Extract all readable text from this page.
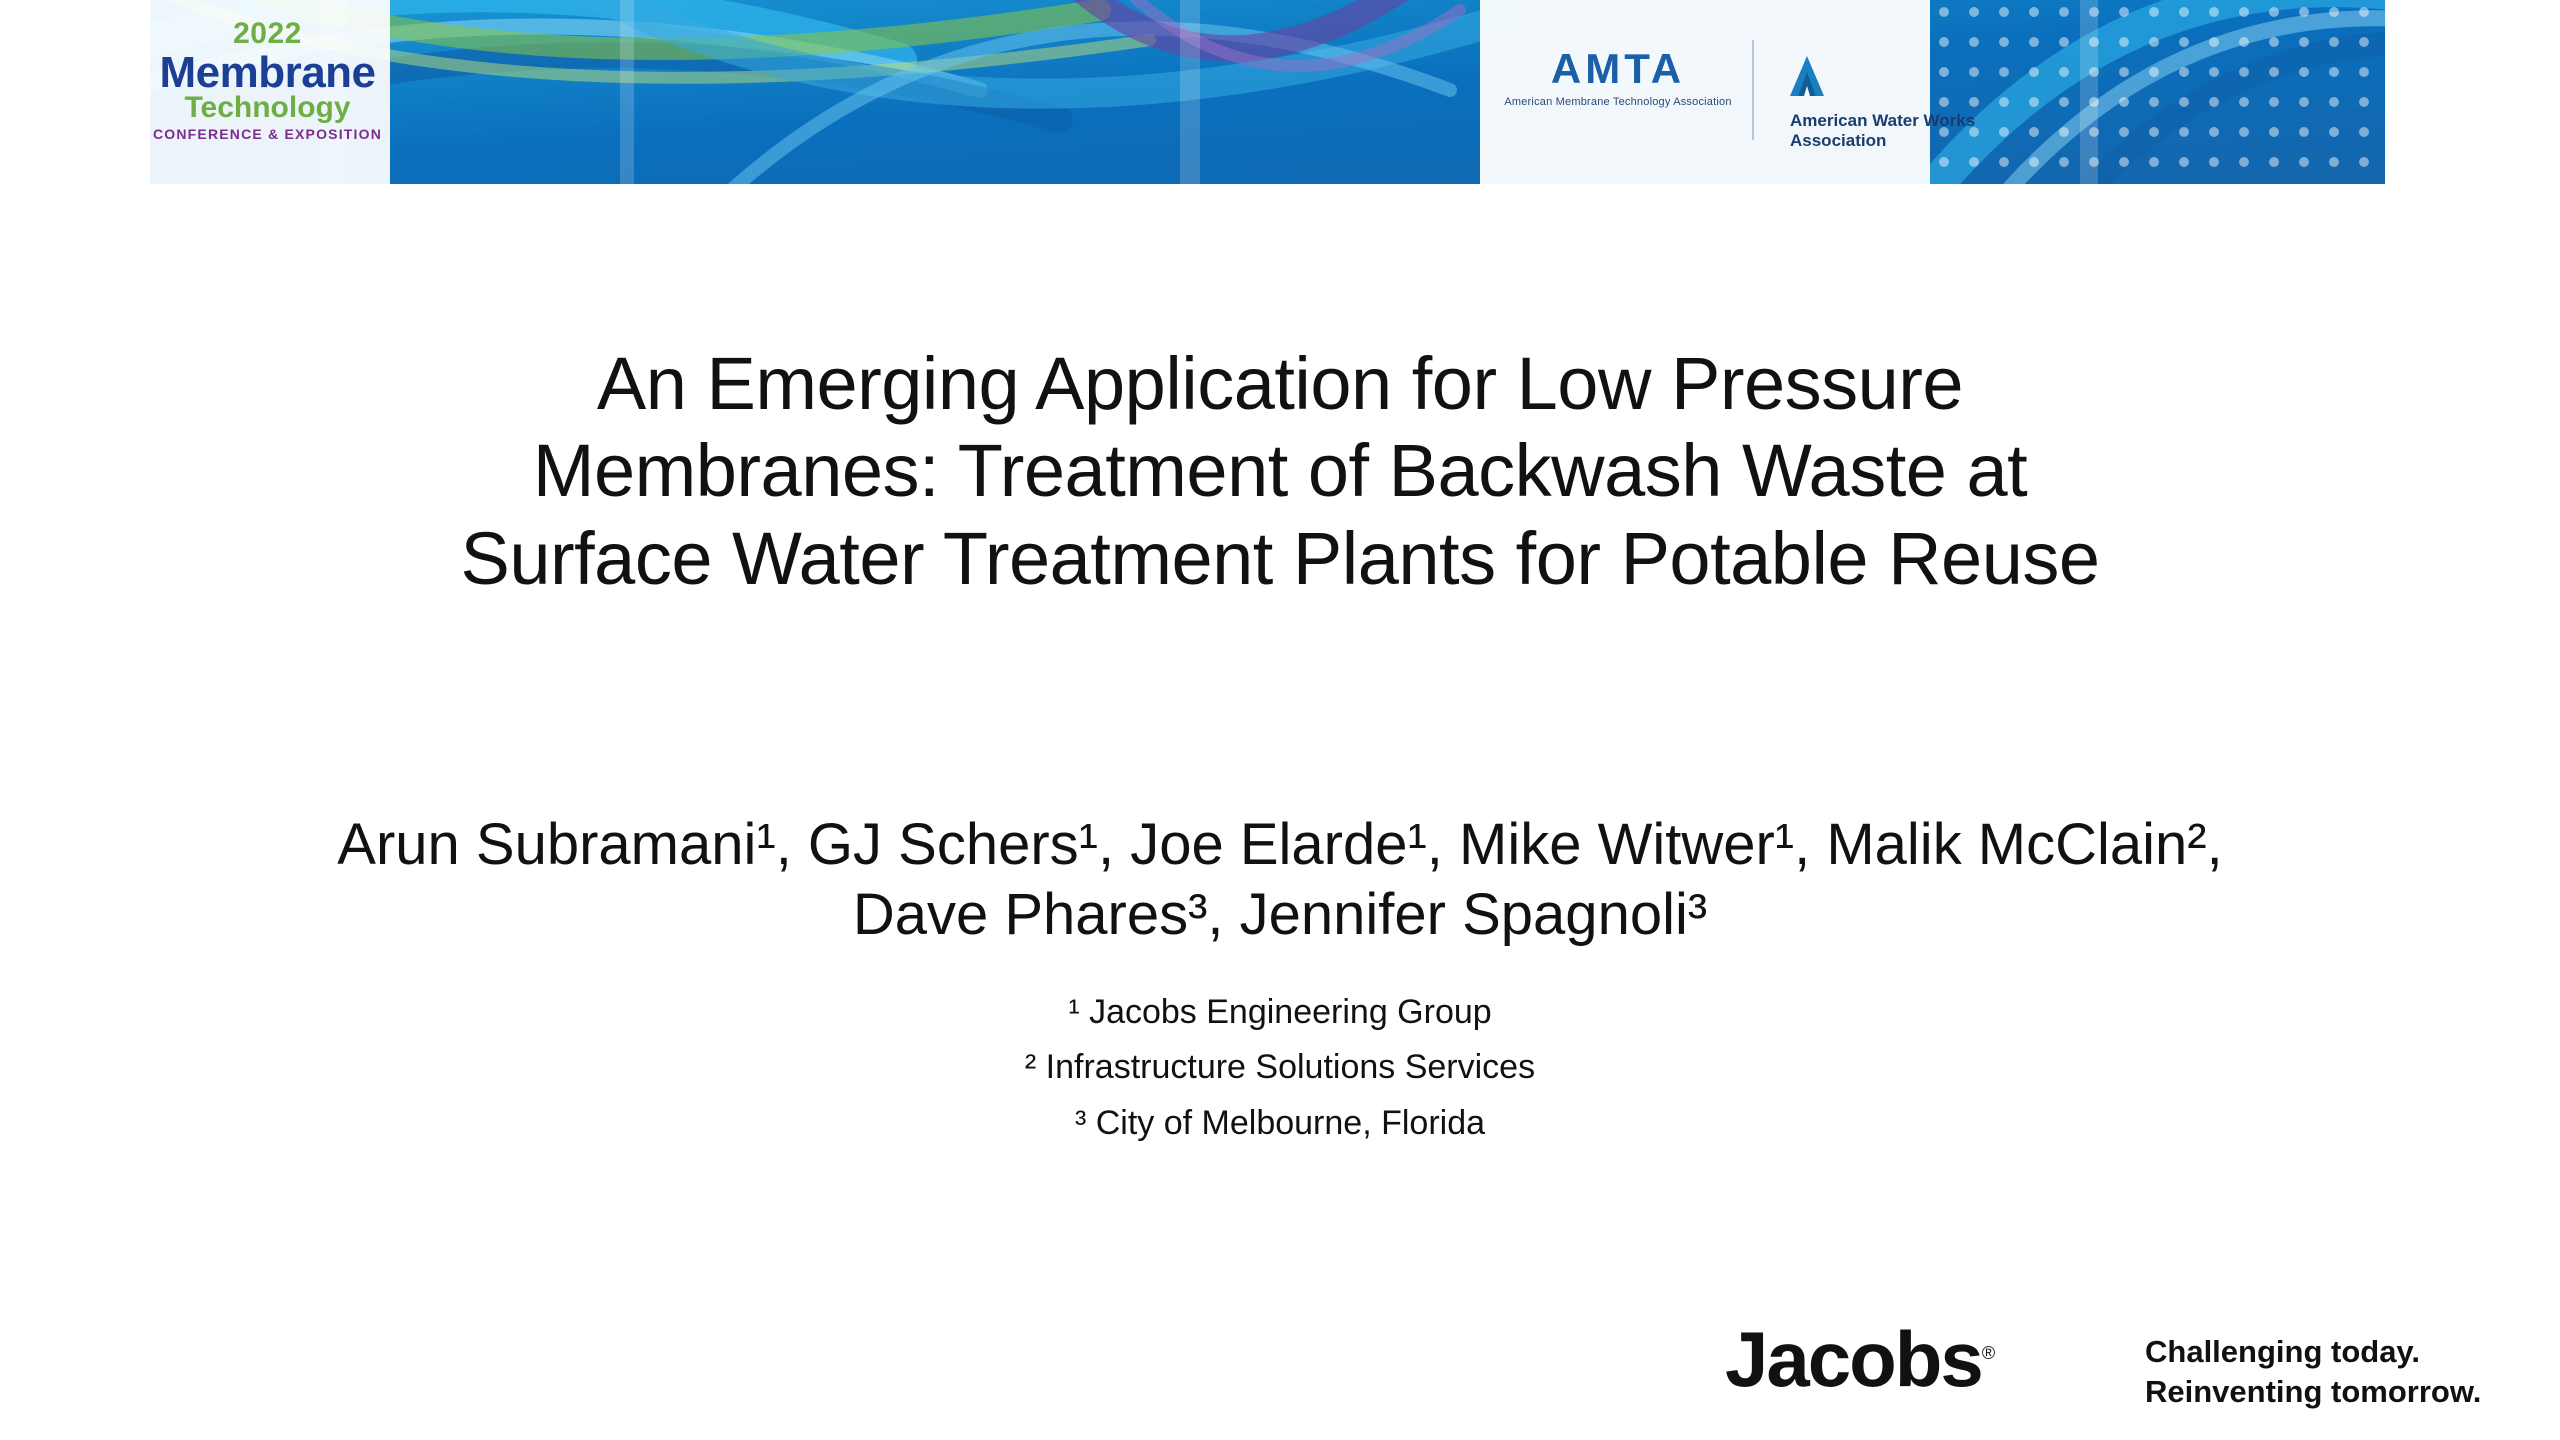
2022
Membrane
Technology
CONFERENCE & EXPOSITION
AMTA
American Membrane Technology Association
American Water Works
Association
An Emerging Application for Low Pressure
Membranes: Treatment of Backwash Waste at
Surface Water Treatment Plants for Potable Reuse
Arun Subramani¹, GJ Schers¹, Joe Elarde¹, Mike Witwer¹, Malik McClain²,
Dave Phares³, Jennifer Spagnoli³
¹ Jacobs Engineering Group
² Infrastructure Solutions Services
³ City of Melbourne, Florida
Jacobs®	Challenging today.
Reinventing tomorrow.
